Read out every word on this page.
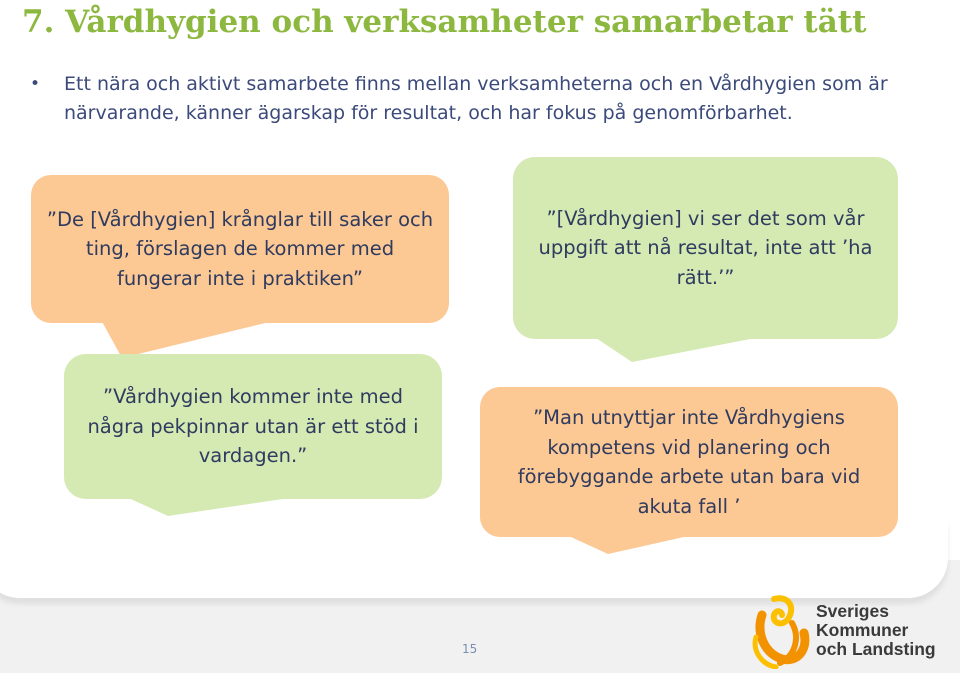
7. Vårdhygien och verksamheter samarbetar tätt
• Ett nära och aktivt samarbete finns mellan verksamheterna och en Vårdhygien som är närvarande, känner ägarskap för resultat, och har fokus på genomförbarhet.
”De [Vårdhygien] krånglar till saker och ting, förslagen de kommer med fungerar inte i praktiken”
”[Vårdhygien] vi ser det som vår uppgift att nå resultat, inte att ’ha rätt.’”
”Vårdhygien kommer inte med några pekpinnar utan är ett stöd i vardagen.”
”Man utnyttjar inte Vårdhygiens kompetens vid planering och förebyggande arbete utan bara vid akuta fall ’
15
Sveriges
Kommuner
och Landsting
